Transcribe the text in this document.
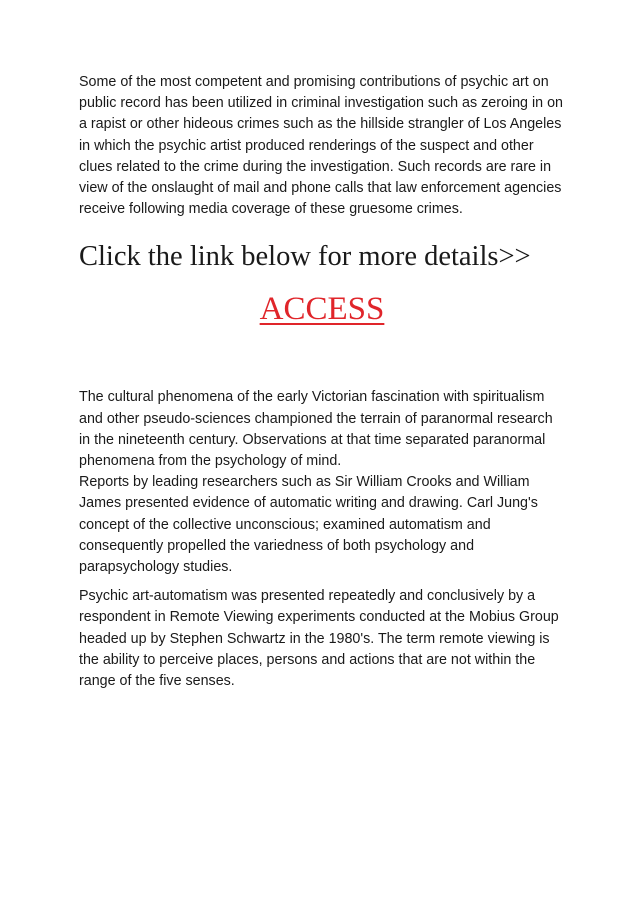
Some of the most competent and promising contributions of psychic art on public record has been utilized in criminal investigation such as zeroing in on a rapist or other hideous crimes such as the hillside strangler of Los Angeles in which the psychic artist produced renderings of the suspect and other clues related to the crime during the investigation. Such records are rare in view of the onslaught of mail and phone calls that law enforcement agencies receive following media coverage of these gruesome crimes.

Click the link below for more details>>
ACCESS

The cultural phenomena of the early Victorian fascination with spiritualism and other pseudo-sciences championed the terrain of paranormal research in the nineteenth century. Observations at that time separated paranormal phenomena from the psychology of mind.

Reports by leading researchers such as Sir William Crooks and William James presented evidence of automatic writing and drawing. Carl Jung's concept of the collective unconscious; examined automatism and consequently propelled the variedness of both psychology and parapsychology studies.

Psychic art-automatism was presented repeatedly and conclusively by a respondent in Remote Viewing experiments conducted at the Mobius Group headed up by Stephen Schwartz in the 1980's. The term remote viewing is the ability to perceive places, persons and actions that are not within the range of the five senses.
